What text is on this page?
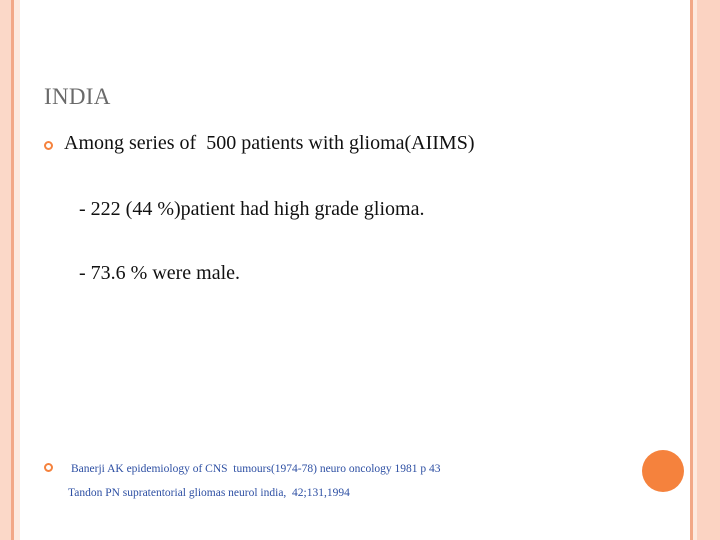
INDIA
Among series of  500 patients with glioma(AIIMS)
- 222 (44 %)patient had high grade glioma.
- 73.6 % were male.
Banerji AK epidemiology of CNS  tumours(1974-78) neuro oncology 1981 p 43
Tandon PN supratentorial gliomas neurol india,  42;131,1994
